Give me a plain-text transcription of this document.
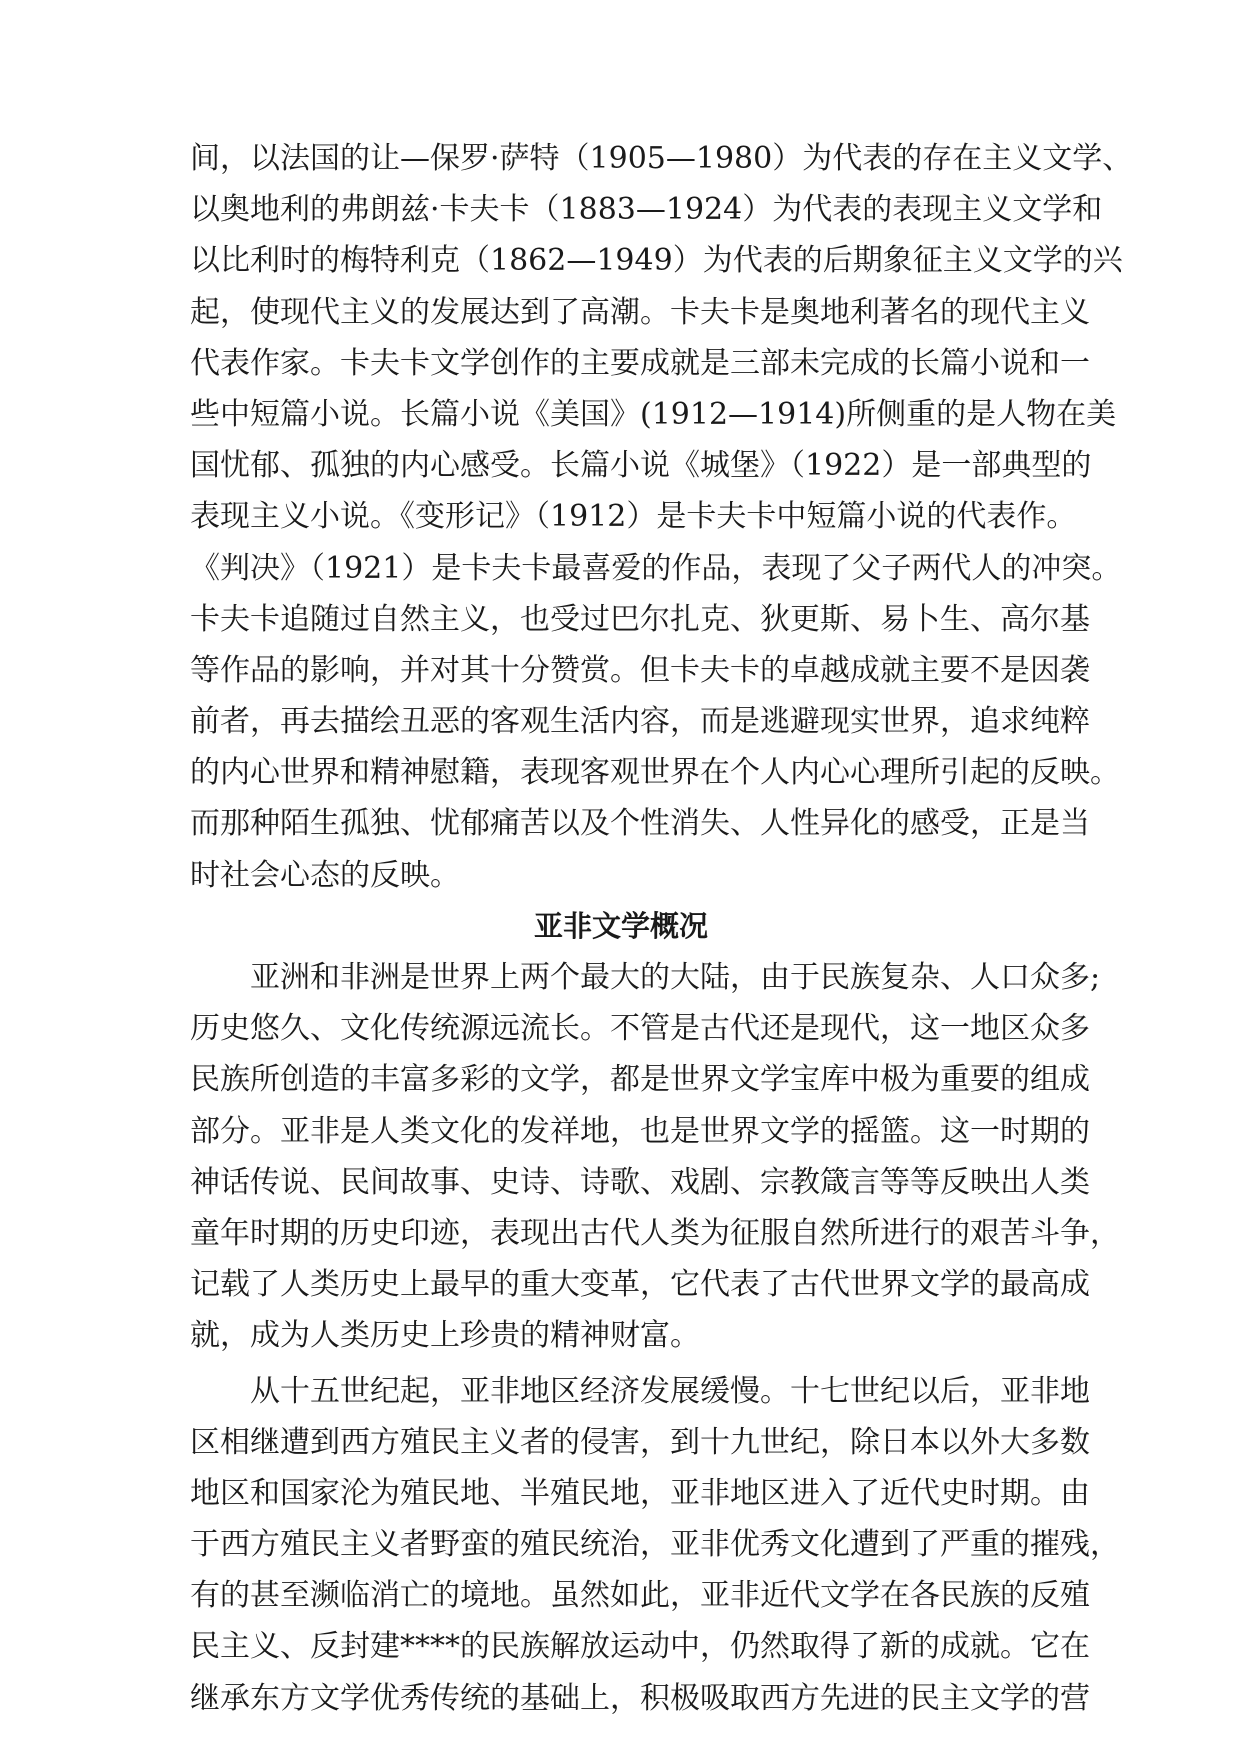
间，以法国的让—保罗·萨特（1905—1980）为代表的存在主义文学、
以奥地利的弗朗兹·卡夫卡（1883—1924）为代表的表现主义文学和
以比利时的梅特利克（1862—1949）为代表的后期象征主义文学的兴
起，使现代主义的发展达到了高潮。卡夫卡是奥地利著名的现代主义
代表作家。卡夫卡文学创作的主要成就是三部未完成的长篇小说和一
些中短篇小说。长篇小说《美国》(1912—1914)所侧重的是人物在美
国忧郁、孤独的内心感受。长篇小说《城堡》（1922）是一部典型的
表现主义小说。《变形记》（1912）是卡夫卡中短篇小说的代表作。
《判决》（1921）是卡夫卡最喜爱的作品，表现了父子两代人的冲突。
卡夫卡追随过自然主义，也受过巴尔扎克、狄更斯、易卜生、高尔基
等作品的影响，并对其十分赞赏。但卡夫卡的卓越成就主要不是因袭
前者，再去描绘丑恶的客观生活内容，而是逃避现实世界，追求纯粹
的内心世界和精神慰籍，表现客观世界在个人内心心理所引起的反映。
而那种陌生孤独、忧郁痛苦以及个性消失、人性异化的感受，正是当
时社会心态的反映。
亚非文学概况
亚洲和非洲是世界上两个最大的大陆，由于民族复杂、人口众多;
历史悠久、文化传统源远流长。不管是古代还是现代，这一地区众多
民族所创造的丰富多彩的文学，都是世界文学宝库中极为重要的组成
部分。亚非是人类文化的发祥地，也是世界文学的摇篮。这一时期的
神话传说、民间故事、史诗、诗歌、戏剧、宗教箴言等等反映出人类
童年时期的历史印迹，表现出古代人类为征服自然所进行的艰苦斗争，
记载了人类历史上最早的重大变革，它代表了古代世界文学的最高成
就，成为人类历史上珍贵的精神财富。
从十五世纪起，亚非地区经济发展缓慢。十七世纪以后，亚非地
区相继遭到西方殖民主义者的侵害，到十九世纪，除日本以外大多数
地区和国家沦为殖民地、半殖民地，亚非地区进入了近代史时期。由
于西方殖民主义者野蛮的殖民统治，亚非优秀文化遭到了严重的摧残，
有的甚至濒临消亡的境地。虽然如此，亚非近代文学在各民族的反殖
民主义、反封建****的民族解放运动中，仍然取得了新的成就。它在
继承东方文学优秀传统的基础上，积极吸取西方先进的民主文学的营
